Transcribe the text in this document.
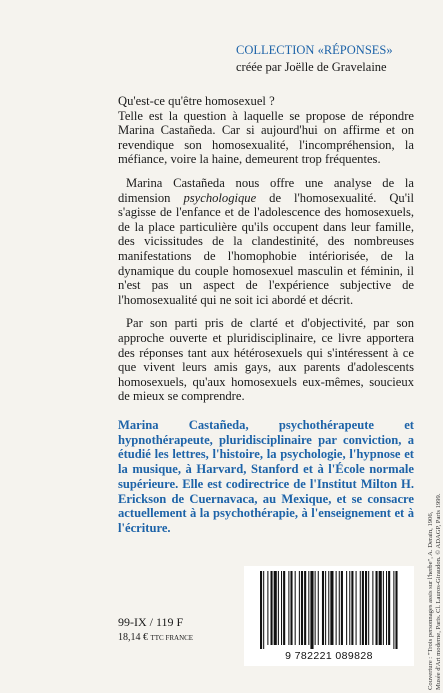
COLLECTION «RÉPONSES»
créée par Joëlle de Gravelaine

Qu'est-ce qu'être homosexuel ?

Telle est la question à laquelle se propose de répondre Marina Castañeda. Car si aujourd'hui on affirme et on revendique son homosexualité, l'incompréhension, la méfiance, voire la haine, demeurent trop fréquentes.

Marina Castañeda nous offre une analyse de la dimension psychologique de l'homosexualité. Qu'il s'agisse de l'enfance et de l'adolescence des homosexuels, de la place particulière qu'ils occupent dans leur famille, des vicissitudes de la clandestinité, des nombreuses manifestations de l'homophobie intériorisée, de la dynamique du couple homosexuel masculin et féminin, il n'est pas un aspect de l'expérience subjective de l'homosexualité qui ne soit ici abordé et décrit.

Par son parti pris de clarté et d'objectivité, par son approche ouverte et pluridisciplinaire, ce livre apportera des réponses tant aux hétérosexuels qui s'intéressent à ce que vivent leurs amis gays, aux parents d'adolescents homosexuels, qu'aux homosexuels eux-mêmes, soucieux de mieux se comprendre.

Marina Castañeda, psychothérapeute et hypnothérapeute, pluridisciplinaire par conviction, a étudié les lettres, l'histoire, la psychologie, l'hypnose et la musique, à Harvard, Stanford et à l'École normale supérieure. Elle est codirectrice de l'Institut Milton H. Erickson de Cuernavaca, au Mexique, et se consacre actuellement à la psychothérapie, à l'enseignement et à l'écriture.	Couverture : "Trois personnages assis sur l'herbe", A. Derain, 1906, Musée d'Art moderne, Paris. Cl. Lauros-Giraudon. © ADAGP, Paris 1999.
99-IX / 119 F
18,14 € TTC FRANCE
9 782221 089828
